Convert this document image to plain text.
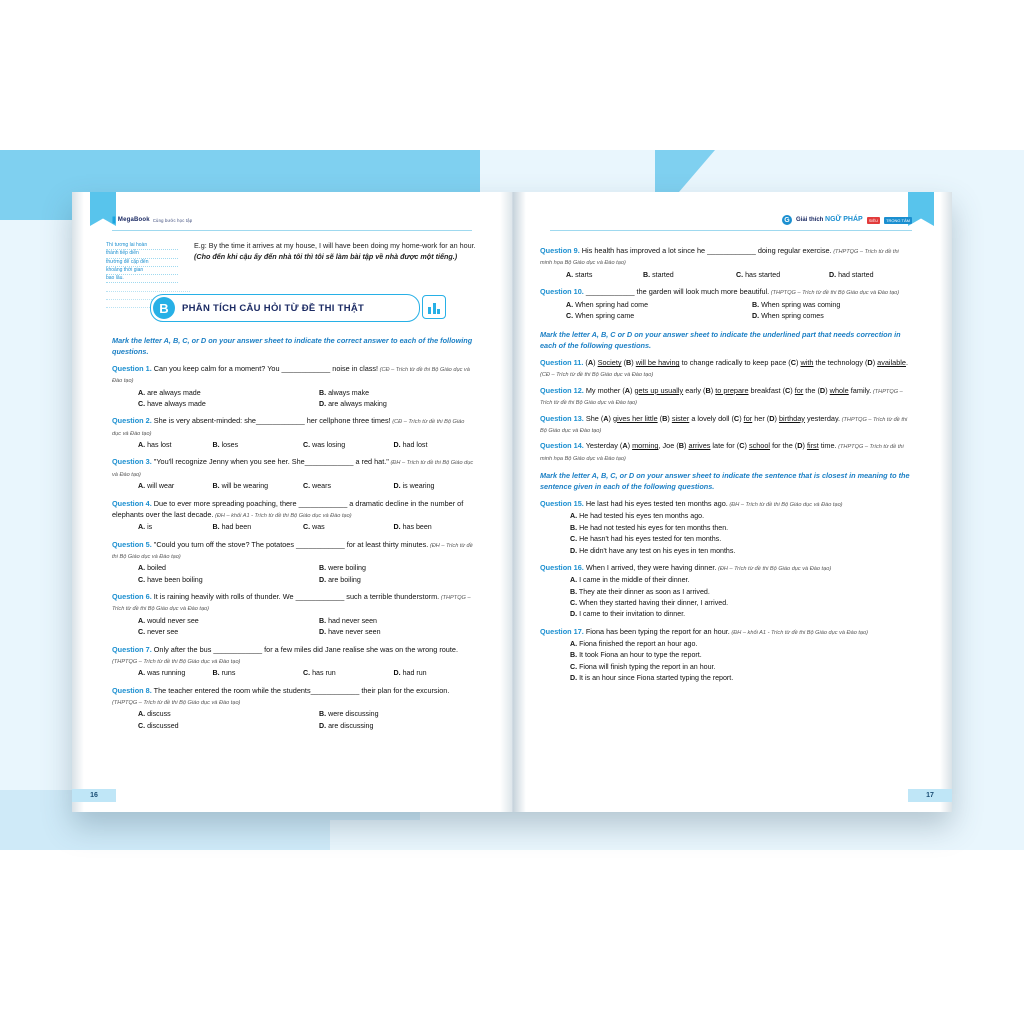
||| MegaBook Cùng bước học tập
Thì tương lai hoàn
thành tiếp diễn
thường để cập đến
khoảng thời gian
bao lâu.
E.g: By the time it arrives at my house, I will have been doing my home-work for an hour. (Cho đến khi cậu ấy đến nhà tôi thì tôi sẽ làm bài tập về nhà được một tiếng.)
B	PHÂN TÍCH CÂU HỎI TỪ ĐỀ THI THẬT
Mark the letter A, B, C, or D on your answer sheet to indicate the correct answer to each of the following questions.
Question 1. Can you keep calm for a moment? You ____________ noise in class! (CĐ – Trích từ đề thi Bộ Giáo dục và Đào tạo)
A. are always made	B. always make
C. have always made	D. are always making
Question 2. She is very absent-minded: she____________ her cellphone three times! (CĐ – Trích từ đề thi Bộ Giáo dục và Đào tạo)
A. has lost	B. loses	C. was losing	D. had lost
Question 3. "You'll recognize Jenny when you see her. She____________ a red hat." (ĐH – Trích từ đề thi Bộ Giáo dục và Đào tạo)
A. will wear	B. will be wearing	C. wears	D. is wearing
Question 4. Due to ever more spreading poaching, there ____________ a dramatic decline in the number of elephants over the last decade. (ĐH – khối A1 - Trích từ đề thi Bộ Giáo dục và Đào tạo)
A. is	B. had been	C. was	D. has been
Question 5. "Could you turn off the stove? The potatoes ____________ for at least thirty minutes. (ĐH – Trích từ đề thi Bộ Giáo dục và Đào tạo)
A. boiled	B. were boiling
C. have been boiling	D. are boiling
Question 6. It is raining heavily with rolls of thunder. We ____________ such a terrible thunderstorm. (THPTQG – Trích từ đề thi Bộ Giáo dục và Đào tạo)
A. would never see	B. had never seen
C. never see	D. have never seen
Question 7. Only after the bus ____________ for a few miles did Jane realise she was on the wrong route. (THPTQG – Trích từ đề thi Bộ Giáo dục và Đào tạo)
A. was running	B. runs	C. has run	D. had run
Question 8. The teacher entered the room while the students____________ their plan for the excursion. (THPTQG – Trích từ đề thi Bộ Giáo dục và Đào tạo)
A. discuss	B. were discussing
C. discussed	D. are discussing
16
G	Giải thích NGỮ PHÁP	SIÊU	TRỌNG TÂM
Question 9. His health has improved a lot since he ____________ doing regular exercise. (THPTQG – Trích từ đề thi minh họa Bộ Giáo dục và Đào tạo)
A. starts	B. started	C. has started	D. had started
Question 10. ____________ the garden will look much more beautiful. (THPTQG – Trích từ đề thi Bộ Giáo dục và Đào tạo)
A. When spring had come	B. When spring was coming
C. When spring came	D. When spring comes
Mark the letter A, B, C or D on your answer sheet to indicate the underlined part that needs correction in each of the following questions.
Question 11. (A) Society (B) will be having to change radically to keep pace (C) with the technology (D) available. (CĐ – Trích từ đề thi Bộ Giáo dục và Đào tạo)
Question 12. My mother (A) gets up usually early (B) to prepare breakfast (C) for the (D) whole family. (THPTQG – Trích từ đề thi Bộ Giáo dục và Đào tạo)
Question 13. She (A) gives her little (B) sister a lovely doll (C) for her (D) birthday yesterday. (THPTQG – Trích từ đề thi Bộ Giáo dục và Đào tạo)
Question 14. Yesterday (A) morning, Joe (B) arrives late for (C) school for the (D) first time. (THPTQG – Trích từ đề thi minh họa Bộ Giáo dục và Đào tạo)
Mark the letter A, B, C, or D on your answer sheet to indicate the sentence that is closest in meaning to the sentence given in each of the following questions.
Question 15. He last had his eyes tested ten months ago. (ĐH – Trích từ đề thi Bộ Giáo dục và Đào tạo)
A. He had tested his eyes ten months ago.
B. He had not tested his eyes for ten months then.
C. He hasn't had his eyes tested for ten months.
D. He didn't have any test on his eyes in ten months.
Question 16. When I arrived, they were having dinner. (ĐH – Trích từ đề thi Bộ Giáo dục và Đào tạo)
A. I came in the middle of their dinner.
B. They ate their dinner as soon as I arrived.
C. When they started having their dinner, I arrived.
D. I came to their invitation to dinner.
Question 17. Fiona has been typing the report for an hour. (ĐH – khối A1 - Trích từ đề thi Bộ Giáo dục và Đào tạo)
A. Fiona finished the report an hour ago.
B. It took Fiona an hour to type the report.
C. Fiona will finish typing the report in an hour.
D. It is an hour since Fiona started typing the report.
17
